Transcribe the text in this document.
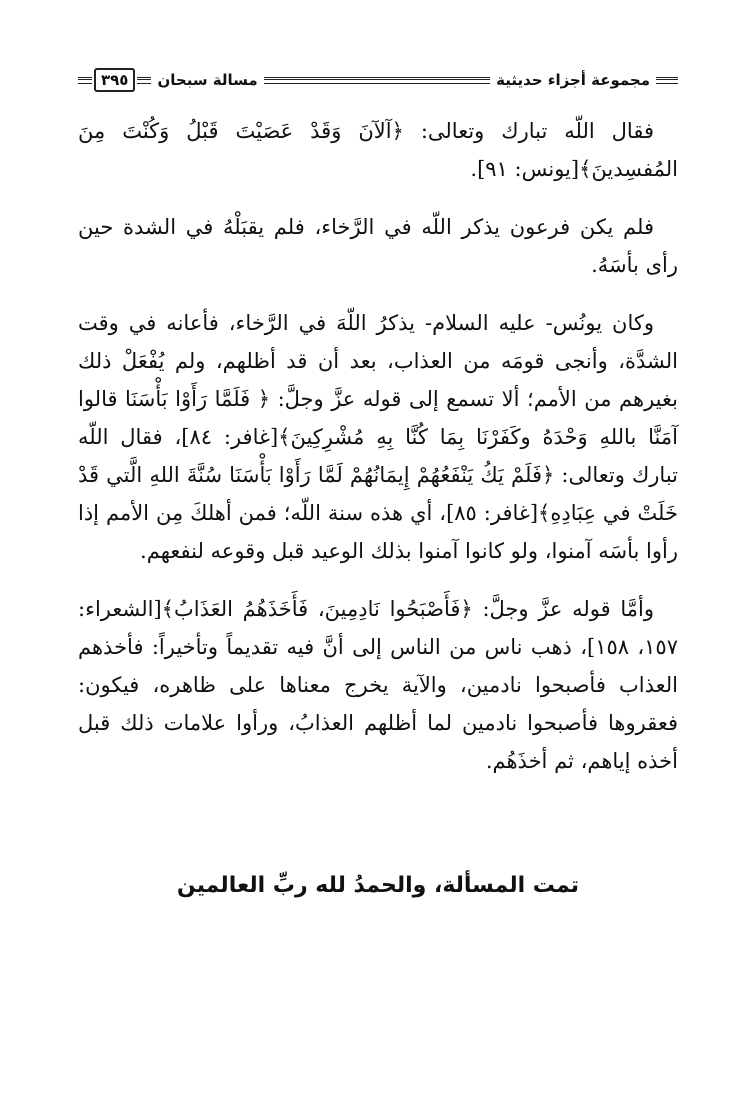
مجموعة أجزاء حديثية
مسالة سبحان
٣٩٥

فقال اللّه تبارك وتعالى: ﴿آلآنَ وَقَدْ عَصَيْتَ قَبْلُ وَكُنْتَ مِنَ المُفسِدينَ﴾[يونس: ٩١].

فلم يكن فرعون يذكر اللّه في الرَّخاء، فلم يقبَلْهُ في الشدة حين رأى بأسَهُ.

وكان يونُس- عليه السلام- يذكرُ اللّهَ في الرَّخاء، فأعانه في وقت الشدَّة، وأنجى قومَه من العذاب، بعد أن قد أظلهم، ولم يُفْعَلْ ذلك بغيرهم من الأمم؛ ألا تسمع إلى قوله عزَّ وجلَّ: ﴿ فَلَمَّا رَأَوْا بَأْسَنَا قالوا آمَنَّا باللهِ وَحْدَهُ وكَفَرْنَا بِمَا كُنَّا بِهِ مُشْرِكِينَ﴾[غافر: ٨٤]، فقال اللّه تبارك وتعالى: ﴿فَلَمْ يَكُ يَنْفَعُهُمْ إِيمَانُهُمْ لَمَّا رَأَوْا بَأْسَنَا سُنَّةَ اللهِ الَّتي قَدْ خَلَتْ في عِبَادِهِ﴾[غافر: ٨٥]، أي هذه سنة اللّه؛ فمن أهلكَ مِن الأمم إذا رأوا بأسَه آمنوا، ولو كانوا آمنوا بذلك الوعيد قبل وقوعه لنفعهم.

وأمَّا قوله عزَّ وجلَّ: ﴿فَأَصْبَحُوا نَادِمِينَ، فَأَخَذَهُمُ العَذَابُ﴾[الشعراء: ١٥٧، ١٥٨]، ذهب ناس من الناس إلى أنَّ فيه تقديماً وتأخيراً: فأخذهم العذاب فأصبحوا نادمين، والآية يخرج معناها على ظاهره، فيكون: فعقروها فأصبحوا نادمين لما أظلهم العذابُ، ورأوا علامات ذلك قبل أخذه إياهم، ثم أخذَهُم.

تمت المسألة، والحمدُ لله ربِّ العالمين
